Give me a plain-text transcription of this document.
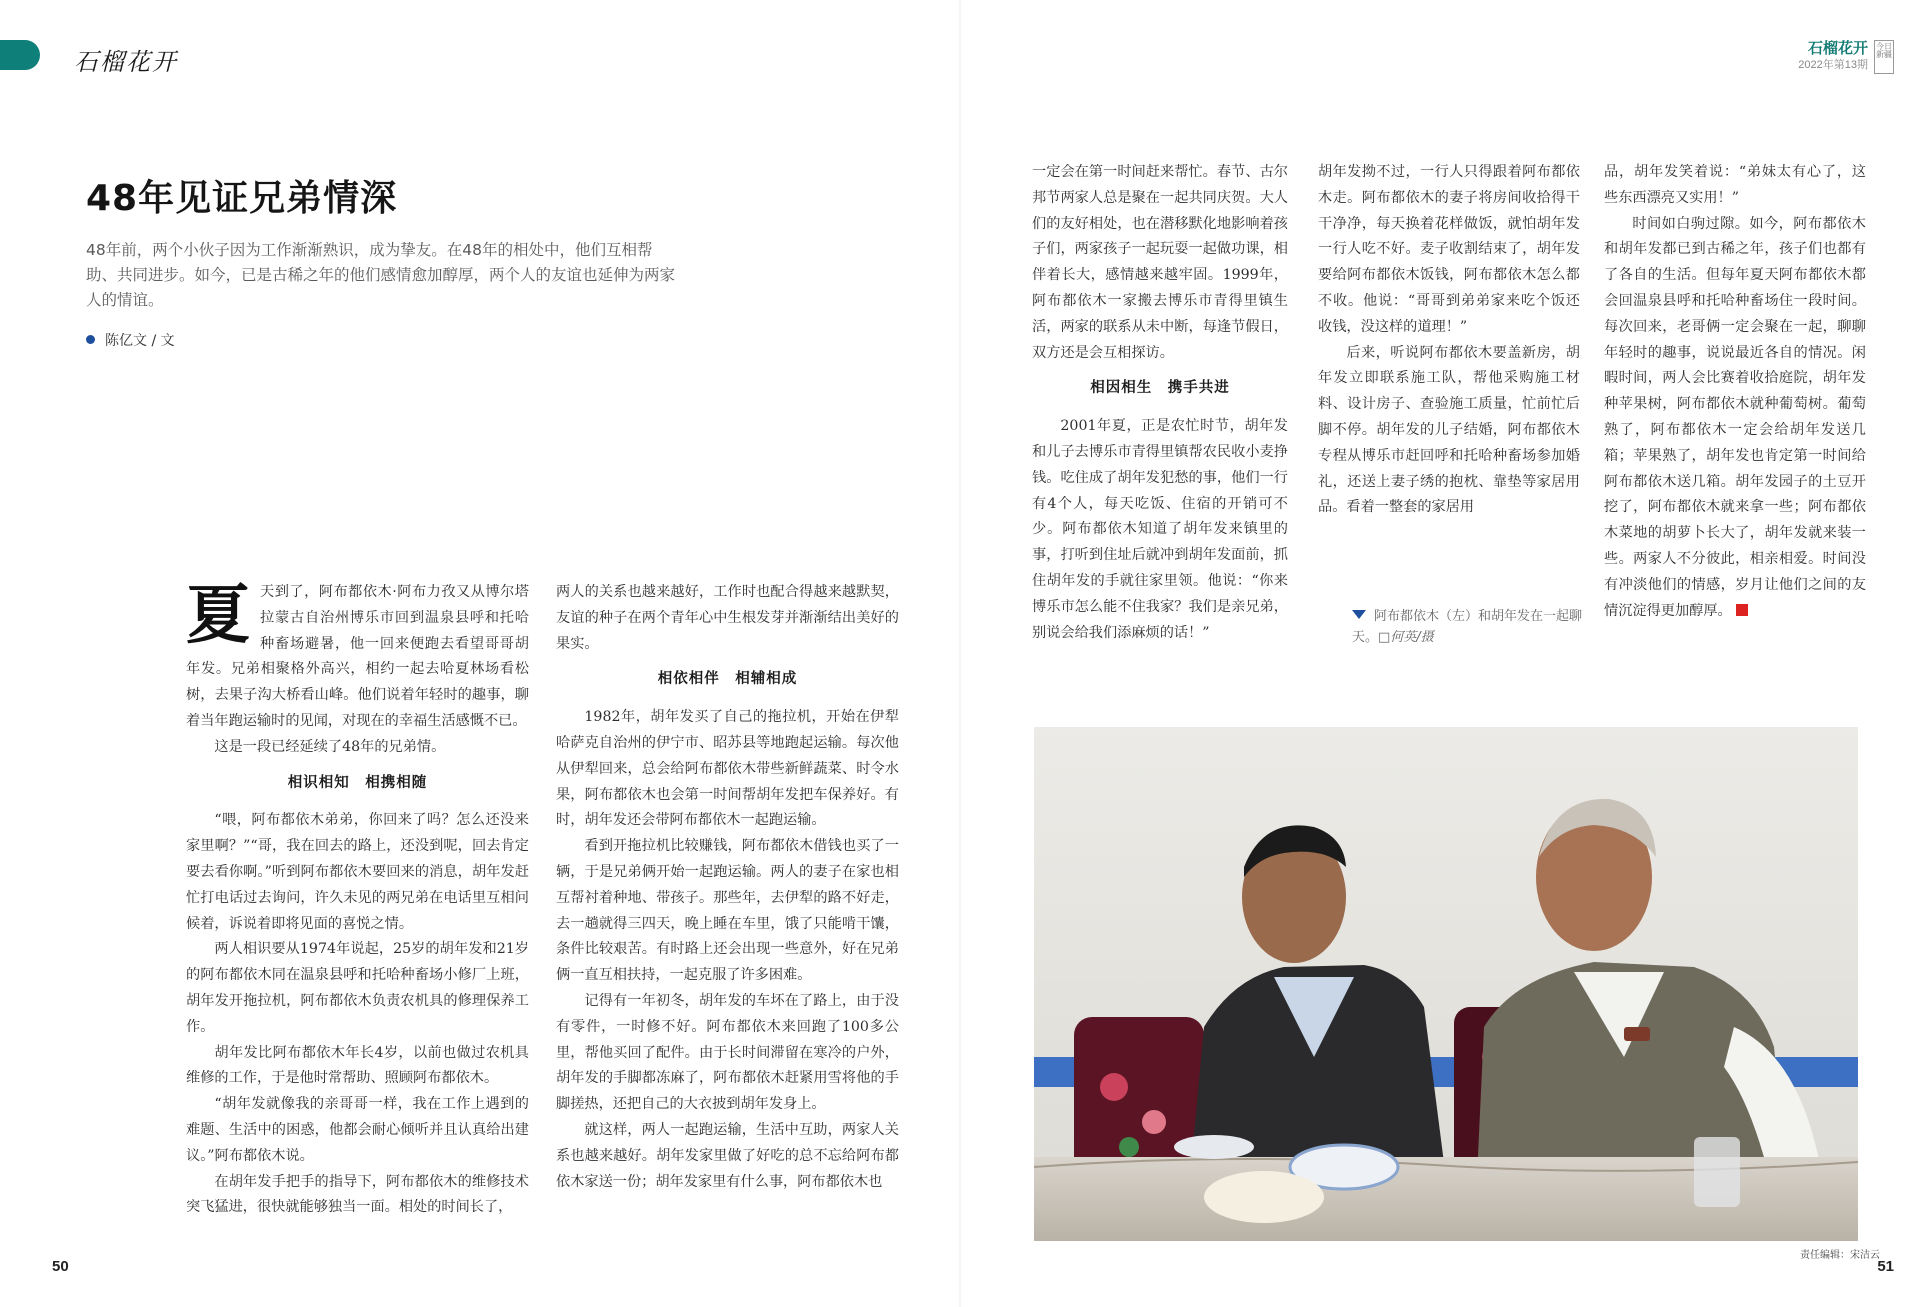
石榴花开	石榴花开
2022年第13期
今日新疆
48年见证兄弟情深
48年前，两个小伙子因为工作渐渐熟识，成为挚友。在48年的相处中，他们互相帮助、共同进步。如今，已是古稀之年的他们感情愈加醇厚，两个人的友谊也延伸为两家人的情谊。
陈亿文 / 文

夏天到了，阿布都依木·阿布力孜又从博尔塔拉蒙古自治州博乐市回到温泉县呼和托哈种畜场避暑，他一回来便跑去看望哥哥胡年发。兄弟相聚格外高兴，相约一起去哈夏林场看松树，去果子沟大桥看山峰。他们说着年轻时的趣事，聊着当年跑运输时的见闻，对现在的幸福生活感慨不已。

这是一段已经延续了48年的兄弟情。

相识相知　相携相随

“喂，阿布都依木弟弟，你回来了吗？怎么还没来家里啊？”“哥，我在回去的路上，还没到呢，回去肯定要去看你啊。”听到阿布都依木要回来的消息，胡年发赶忙打电话过去询问，许久未见的两兄弟在电话里互相问候着，诉说着即将见面的喜悦之情。

两人相识要从1974年说起，25岁的胡年发和21岁的阿布都依木同在温泉县呼和托哈种畜场小修厂上班，胡年发开拖拉机，阿布都依木负责农机具的修理保养工作。

胡年发比阿布都依木年长4岁，以前也做过农机具维修的工作，于是他时常帮助、照顾阿布都依木。

“胡年发就像我的亲哥哥一样，我在工作上遇到的难题、生活中的困惑，他都会耐心倾听并且认真给出建议。”阿布都依木说。

在胡年发手把手的指导下，阿布都依木的维修技术突飞猛进，很快就能够独当一面。相处的时间长了，

两人的关系也越来越好，工作时也配合得越来越默契，友谊的种子在两个青年心中生根发芽并渐渐结出美好的果实。

相依相伴　相辅相成

1982年，胡年发买了自己的拖拉机，开始在伊犁哈萨克自治州的伊宁市、昭苏县等地跑起运输。每次他从伊犁回来，总会给阿布都依木带些新鲜蔬菜、时令水果，阿布都依木也会第一时间帮胡年发把车保养好。有时，胡年发还会带阿布都依木一起跑运输。

看到开拖拉机比较赚钱，阿布都依木借钱也买了一辆，于是兄弟俩开始一起跑运输。两人的妻子在家也相互帮衬着种地、带孩子。那些年，去伊犁的路不好走，去一趟就得三四天，晚上睡在车里，饿了只能啃干馕，条件比较艰苦。有时路上还会出现一些意外，好在兄弟俩一直互相扶持，一起克服了许多困难。

记得有一年初冬，胡年发的车坏在了路上，由于没有零件，一时修不好。阿布都依木来回跑了100多公里，帮他买回了配件。由于长时间滞留在寒冷的户外，胡年发的手脚都冻麻了，阿布都依木赶紧用雪将他的手脚搓热，还把自己的大衣披到胡年发身上。

就这样，两人一起跑运输，生活中互助，两家人关系也越来越好。胡年发家里做了好吃的总不忘给阿布都依木家送一份；胡年发家里有什么事，阿布都依木也

一定会在第一时间赶来帮忙。春节、古尔邦节两家人总是聚在一起共同庆贺。大人们的友好相处，也在潜移默化地影响着孩子们，两家孩子一起玩耍一起做功课，相伴着长大，感情越来越牢固。1999年，阿布都依木一家搬去博乐市青得里镇生活，两家的联系从未中断，每逢节假日，双方还是会互相探访。

相因相生　携手共进

2001年夏，正是农忙时节，胡年发和儿子去博乐市青得里镇帮农民收小麦挣钱。吃住成了胡年发犯愁的事，他们一行有4个人，每天吃饭、住宿的开销可不少。阿布都依木知道了胡年发来镇里的事，打听到住址后就冲到胡年发面前，抓住胡年发的手就往家里领。他说：“你来博乐市怎么能不住我家？我们是亲兄弟，别说会给我们添麻烦的话！”

胡年发拗不过，一行人只得跟着阿布都依木走。阿布都依木的妻子将房间收拾得干干净净，每天换着花样做饭，就怕胡年发一行人吃不好。麦子收割结束了，胡年发要给阿布都依木饭钱，阿布都依木怎么都不收。他说：“哥哥到弟弟家来吃个饭还收钱，没这样的道理！”

后来，听说阿布都依木要盖新房，胡年发立即联系施工队，帮他采购施工材料、设计房子、查验施工质量，忙前忙后脚不停。胡年发的儿子结婚，阿布都依木专程从博乐市赶回呼和托哈种畜场参加婚礼，还送上妻子绣的抱枕、靠垫等家居用品。看着一整套的家居用

品，胡年发笑着说：“弟妹太有心了，这些东西漂亮又实用！”

时间如白驹过隙。如今，阿布都依木和胡年发都已到古稀之年，孩子们也都有了各自的生活。但每年夏天阿布都依木都会回温泉县呼和托哈种畜场住一段时间。每次回来，老哥俩一定会聚在一起，聊聊年轻时的趣事，说说最近各自的情况。闲暇时间，两人会比赛着收拾庭院，胡年发种苹果树，阿布都依木就种葡萄树。葡萄熟了，阿布都依木一定会给胡年发送几箱；苹果熟了，胡年发也肯定第一时间给阿布都依木送几箱。胡年发园子的土豆开挖了，阿布都依木就来拿一些；阿布都依木菜地的胡萝卜长大了，胡年发就来装一些。两家人不分彼此，相亲相爱。时间没有冲淡他们的情感，岁月让他们之间的友情沉淀得更加醇厚。

阿布都依木（左）和胡年发在一起聊天。□何英/摄
责任编辑：宋洁云
50	51
